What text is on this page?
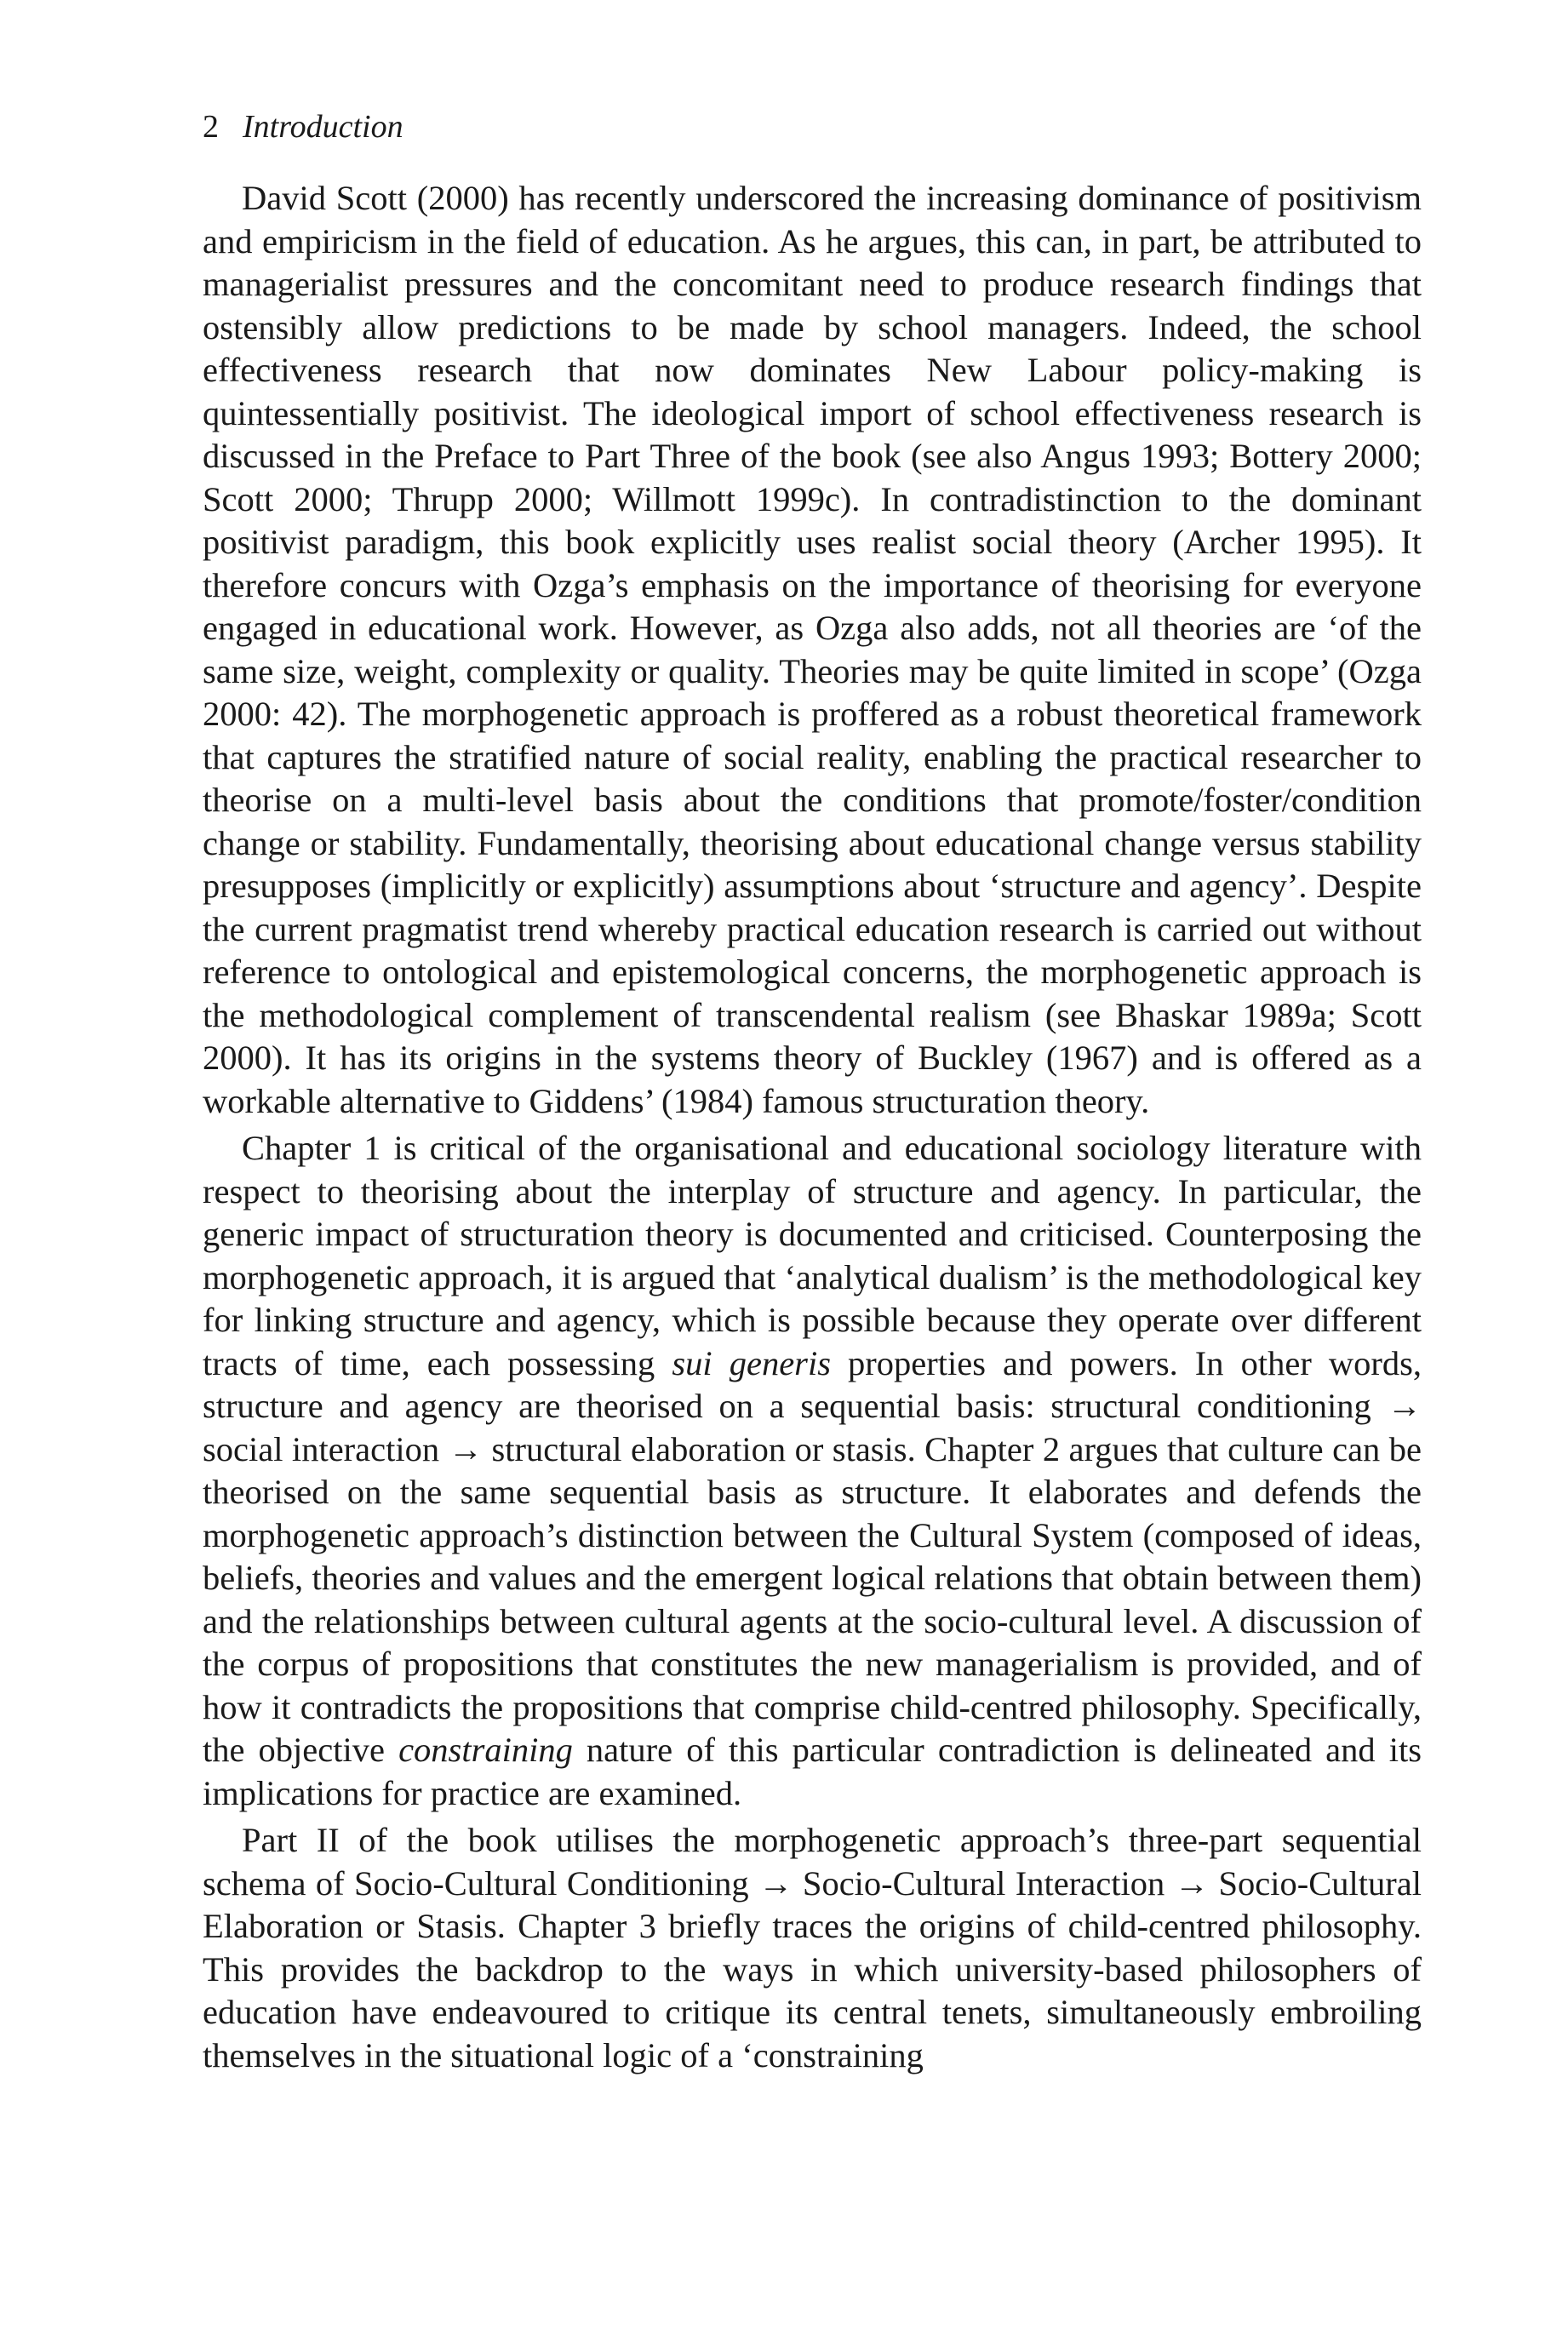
2 Introduction

David Scott (2000) has recently underscored the increasing dominance of positivism and empiricism in the field of education. As he argues, this can, in part, be attributed to managerialist pressures and the concomitant need to produce research findings that ostensibly allow predictions to be made by school managers. Indeed, the school effectiveness research that now dominates New Labour policy-making is quintessentially positivist. The ideological import of school effectiveness research is discussed in the Preface to Part Three of the book (see also Angus 1993; Bottery 2000; Scott 2000; Thrupp 2000; Willmott 1999c). In contradistinction to the dominant positivist paradigm, this book explicitly uses realist social theory (Archer 1995). It therefore concurs with Ozga’s emphasis on the importance of theorising for everyone engaged in educational work. However, as Ozga also adds, not all theories are ‘of the same size, weight, complexity or quality. Theories may be quite limited in scope’ (Ozga 2000: 42). The morphogenetic approach is proffered as a robust theoretical framework that captures the stratified nature of social reality, enabling the practical researcher to theorise on a multi-level basis about the conditions that promote/foster/condition change or stability. Fundamentally, theorising about educational change versus stability presupposes (implicitly or explicitly) assumptions about ‘structure and agency’. Despite the current pragmatist trend whereby practical education research is carried out without reference to ontological and epistemological concerns, the morphogenetic approach is the methodological complement of transcendental realism (see Bhaskar 1989a; Scott 2000). It has its origins in the systems theory of Buckley (1967) and is offered as a workable alternative to Giddens’ (1984) famous structuration theory.

Chapter 1 is critical of the organisational and educational sociology literature with respect to theorising about the interplay of structure and agency. In particular, the generic impact of structuration theory is documented and criticised. Counterposing the morphogenetic approach, it is argued that ‘analytical dualism’ is the methodological key for linking structure and agency, which is possible because they operate over different tracts of time, each possessing sui generis properties and powers. In other words, structure and agency are theorised on a sequential basis: structural conditioning → social interaction → structural elaboration or stasis. Chapter 2 argues that culture can be theorised on the same sequential basis as structure. It elaborates and defends the morphogenetic approach’s distinction between the Cultural System (composed of ideas, beliefs, theories and values and the emergent logical relations that obtain between them) and the relationships between cultural agents at the socio-cultural level. A discussion of the corpus of propositions that constitutes the new managerialism is provided, and of how it contradicts the propositions that comprise child-centred philosophy. Specifically, the objective constraining nature of this particular contradiction is delineated and its implications for practice are examined.

Part II of the book utilises the morphogenetic approach’s three-part sequential schema of Socio-Cultural Conditioning → Socio-Cultural Interaction → Socio-Cultural Elaboration or Stasis. Chapter 3 briefly traces the origins of child-centred philosophy. This provides the backdrop to the ways in which university-based philosophers of education have endeavoured to critique its central tenets, simultaneously embroiling themselves in the situational logic of a ‘constraining
